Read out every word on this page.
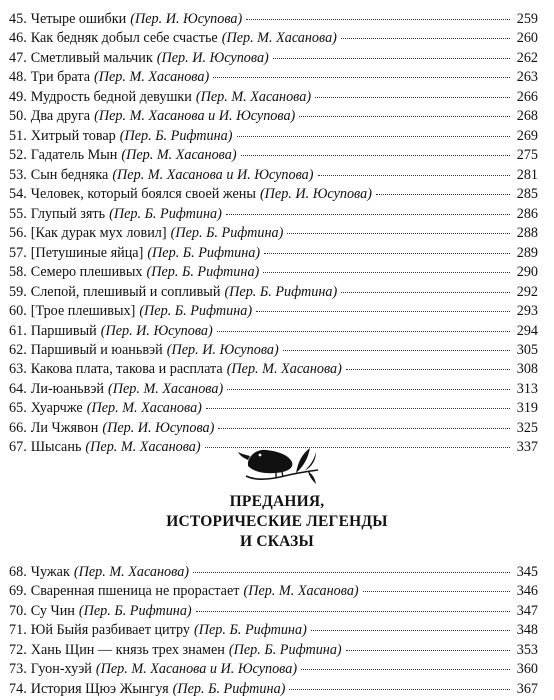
45. Четыре ошибки (Пер. И. Юсупова)	259
46. Как бедняк добыл себе счастье (Пер. М. Хасанова)	260
47. Сметливый мальчик (Пер. И. Юсупова)	262
48. Три брата (Пер. М. Хасанова)	263
49. Мудрость бедной девушки (Пер. М. Хасанова)	266
50. Два друга (Пер. М. Хасанова и И. Юсупова)	268
51. Хитрый товар (Пер. Б. Рифтина)	269
52. Гадатель Мын (Пер. М. Хасанова)	275
53. Сын бедняка (Пер. М. Хасанова и И. Юсупова)	281
54. Человек, который боялся своей жены (Пер. И. Юсупова)	285
55. Глупый зять (Пер. Б. Рифтина)	286
56. [Как дурак мух ловил] (Пер. Б. Рифтина)	288
57. [Петушиные яйца] (Пер. Б. Рифтина)	289
58. Семеро плешивых (Пер. Б. Рифтина)	290
59. Слепой, плешивый и сопливый (Пер. Б. Рифтина)	292
60. [Трое плешивых] (Пер. Б. Рифтина)	293
61. Паршивый (Пер. И. Юсупова)	294
62. Паршивый и юаньвэй (Пер. И. Юсупова)	305
63. Какова плата, такова и расплата (Пер. М. Хасанова)	308
64. Ли-юаньвэй (Пер. М. Хасанова)	313
65. Хуарчже (Пер. М. Хасанова)	319
66. Ли Чжявон (Пер. И. Юсупова)	325
67. Шысань (Пер. М. Хасанова)	337
ПРЕДАНИЯ,
ИСТОРИЧЕСКИЕ ЛЕГЕНДЫ
И СКАЗЫ
68. Чужак (Пер. М. Хасанова)	345
69. Сваренная пшеница не прорастает (Пер. М. Хасанова)	346
70. Су Чин (Пер. Б. Рифтина)	347
71. Юй Быйя разбивает цитру (Пер. Б. Рифтина)	348
72. Хань Щин — князь трех знамен (Пер. Б. Рифтина)	353
73. Гуон-хуэй (Пер. М. Хасанова и И. Юсупова)	360
74. История Щюэ Жынгуя (Пер. Б. Рифтина)	367
